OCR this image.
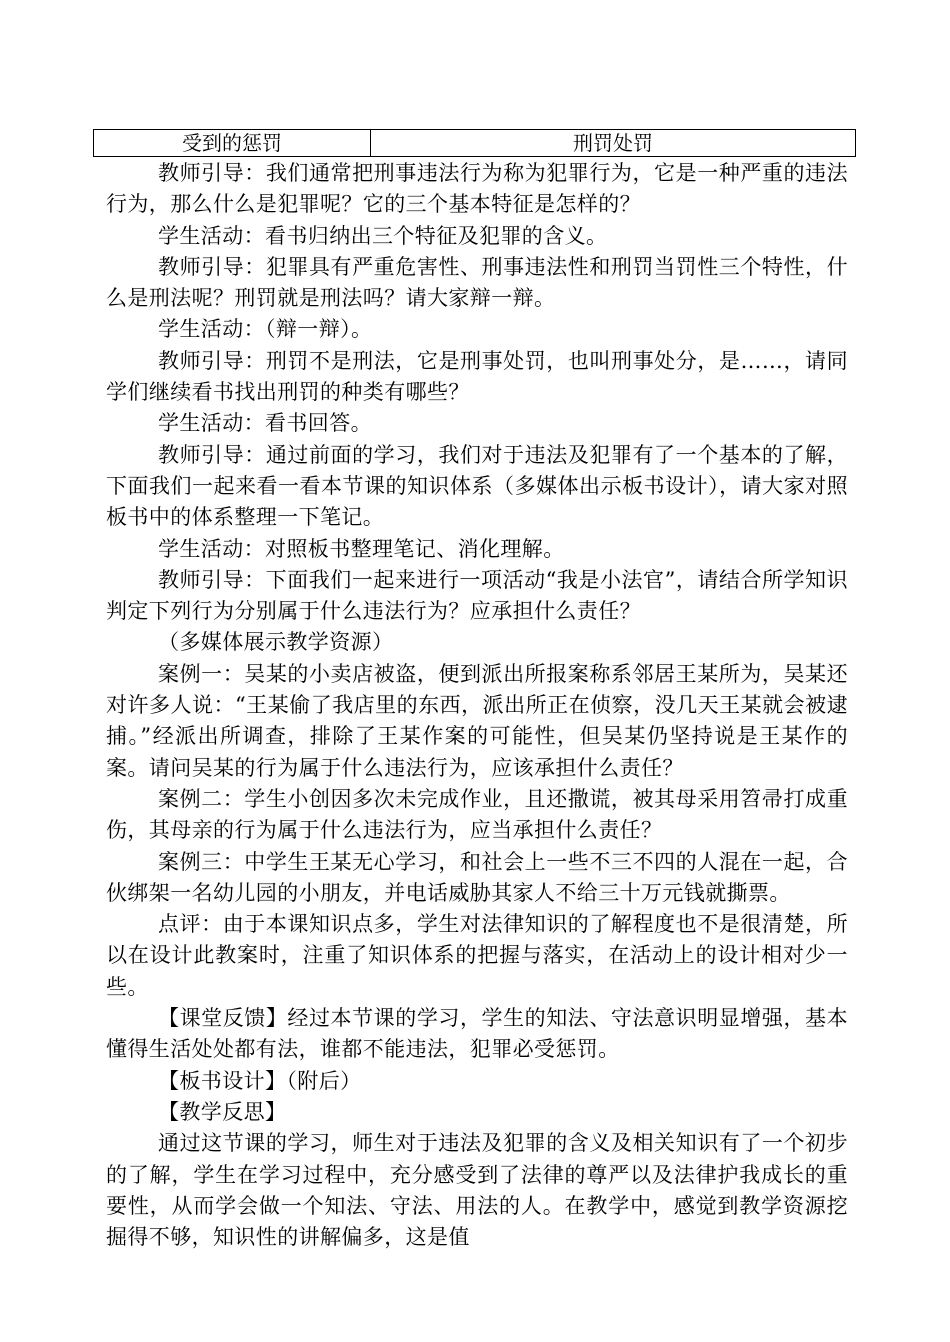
受到的惩罚	刑罚处罚

教师引导：我们通常把刑事违法行为称为犯罪行为，它是一种严重的违法行为，那么什么是犯罪呢？它的三个基本特征是怎样的？

学生活动：看书归纳出三个特征及犯罪的含义。

教师引导：犯罪具有严重危害性、刑事违法性和刑罚当罚性三个特性，什么是刑法呢？刑罚就是刑法吗？请大家辩一辩。

学生活动：（辩一辩）。

教师引导：刑罚不是刑法，它是刑事处罚，也叫刑事处分，是……，请同学们继续看书找出刑罚的种类有哪些？

学生活动：看书回答。

教师引导：通过前面的学习，我们对于违法及犯罪有了一个基本的了解，下面我们一起来看一看本节课的知识体系（多媒体出示板书设计），请大家对照板书中的体系整理一下笔记。

学生活动：对照板书整理笔记、消化理解。

教师引导：下面我们一起来进行一项活动“我是小法官”，请结合所学知识判定下列行为分别属于什么违法行为？应承担什么责任？

（多媒体展示教学资源）

案例一：吴某的小卖店被盗，便到派出所报案称系邻居王某所为，吴某还对许多人说：“王某偷了我店里的东西，派出所正在侦察，没几天王某就会被逮捕。”经派出所调查，排除了王某作案的可能性，但吴某仍坚持说是王某作的案。请问吴某的行为属于什么违法行为，应该承担什么责任？

案例二：学生小创因多次未完成作业，且还撒谎，被其母采用笤帚打成重伤，其母亲的行为属于什么违法行为，应当承担什么责任？

案例三：中学生王某无心学习，和社会上一些不三不四的人混在一起，合伙绑架一名幼儿园的小朋友，并电话威胁其家人不给三十万元钱就撕票。

点评：由于本课知识点多，学生对法律知识的了解程度也不是很清楚，所以在设计此教案时，注重了知识体系的把握与落实，在活动上的设计相对少一些。

【课堂反馈】经过本节课的学习，学生的知法、守法意识明显增强，基本懂得生活处处都有法，谁都不能违法，犯罪必受惩罚。

【板书设计】（附后）

【教学反思】

通过这节课的学习，师生对于违法及犯罪的含义及相关知识有了一个初步的了解，学生在学习过程中，充分感受到了法律的尊严以及法律护我成长的重要性，从而学会做一个知法、守法、用法的人。在教学中，感觉到教学资源挖掘得不够，知识性的讲解偏多，这是值
